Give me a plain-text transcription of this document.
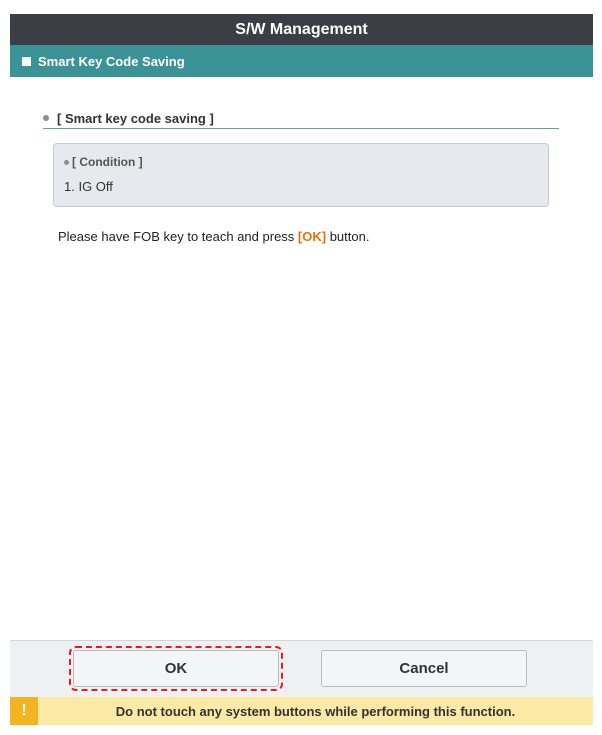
S/W Management
Smart Key Code Saving
[ Smart key code saving ]
[ Condition ]
1. IG Off
Please have FOB key to teach and press [OK] button.
OK	Cancel
!	Do not touch any system buttons while performing this function.
